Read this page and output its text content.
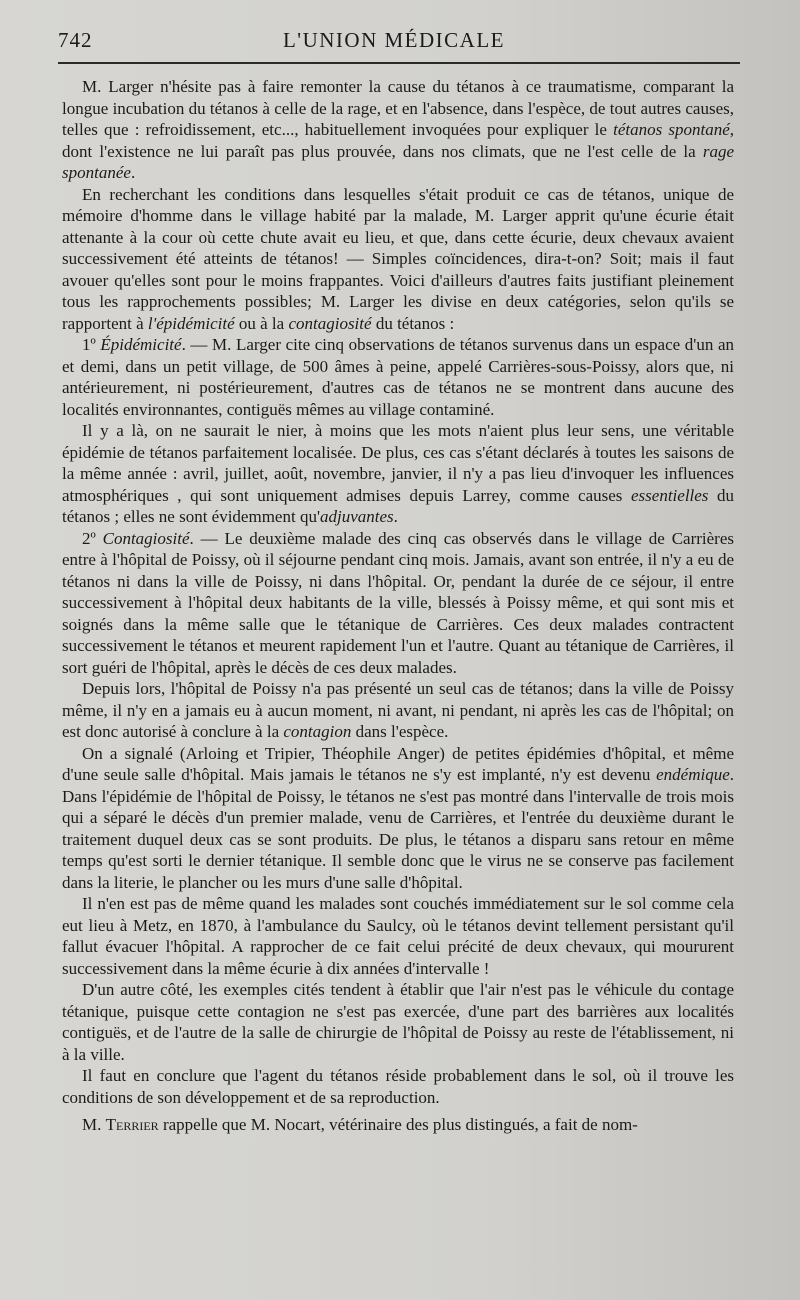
742	L'UNION MÉDICALE

M. Larger n'hésite pas à faire remonter la cause du tétanos à ce traumatisme, comparant la longue incubation du tétanos à celle de la rage, et en l'absence, dans l'espèce, de tout autres causes, telles que : refroidissement, etc..., habituellement invoquées pour expliquer le tétanos spontané, dont l'existence ne lui paraît pas plus prouvée, dans nos climats, que ne l'est celle de la rage spontanée.

En recherchant les conditions dans lesquelles s'était produit ce cas de tétanos, unique de mémoire d'homme dans le village habité par la malade, M. Larger apprit qu'une écurie était attenante à la cour où cette chute avait eu lieu, et que, dans cette écurie, deux chevaux avaient successivement été atteints de tétanos! — Simples coïncidences, dira-t-on? Soit; mais il faut avouer qu'elles sont pour le moins frappantes. Voici d'ailleurs d'autres faits justifiant pleinement tous les rapprochements possibles; M. Larger les divise en deux catégories, selon qu'ils se rapportent à l'épidémicité ou à la contagiosité du tétanos :

1º Épidémicité. — M. Larger cite cinq observations de tétanos survenus dans un espace d'un an et demi, dans un petit village, de 500 âmes à peine, appelé Carrières-sous-Poissy, alors que, ni antérieurement, ni postérieurement, d'autres cas de tétanos ne se montrent dans aucune des localités environnantes, contiguës mêmes au village contaminé.

Il y a là, on ne saurait le nier, à moins que les mots n'aient plus leur sens, une véritable épidémie de tétanos parfaitement localisée. De plus, ces cas s'étant déclarés à toutes les saisons de la même année : avril, juillet, août, novembre, janvier, il n'y a pas lieu d'invoquer les influences atmosphériques , qui sont uniquement admises depuis Larrey, comme causes essentielles du tétanos ; elles ne sont évidemment qu'adjuvantes.

2º Contagiosité. — Le deuxième malade des cinq cas observés dans le village de Carrières entre à l'hôpital de Poissy, où il séjourne pendant cinq mois. Jamais, avant son entrée, il n'y a eu de tétanos ni dans la ville de Poissy, ni dans l'hôpital. Or, pendant la durée de ce séjour, il entre successivement à l'hôpital deux habitants de la ville, blessés à Poissy même, et qui sont mis et soignés dans la même salle que le tétanique de Carrières. Ces deux malades contractent successivement le tétanos et meurent rapidement l'un et l'autre. Quant au tétanique de Carrières, il sort guéri de l'hôpital, après le décès de ces deux malades.

Depuis lors, l'hôpital de Poissy n'a pas présenté un seul cas de tétanos; dans la ville de Poissy même, il n'y en a jamais eu à aucun moment, ni avant, ni pendant, ni après les cas de l'hôpital; on est donc autorisé à conclure à la contagion dans l'espèce.

On a signalé (Arloing et Tripier, Théophile Anger) de petites épidémies d'hôpital, et même d'une seule salle d'hôpital. Mais jamais le tétanos ne s'y est implanté, n'y est devenu endémique. Dans l'épidémie de l'hôpital de Poissy, le tétanos ne s'est pas montré dans l'intervalle de trois mois qui a séparé le décès d'un premier malade, venu de Carrières, et l'entrée du deuxième durant le traitement duquel deux cas se sont produits. De plus, le tétanos a disparu sans retour en même temps qu'est sorti le dernier tétanique. Il semble donc que le virus ne se conserve pas facilement dans la literie, le plancher ou les murs d'une salle d'hôpital.

Il n'en est pas de même quand les malades sont couchés immédiatement sur le sol comme cela eut lieu à Metz, en 1870, à l'ambulance du Saulcy, où le tétanos devint tellement persistant qu'il fallut évacuer l'hôpital. A rapprocher de ce fait celui précité de deux chevaux, qui moururent successivement dans la même écurie à dix années d'intervalle !

D'un autre côté, les exemples cités tendent à établir que l'air n'est pas le véhicule du contage tétanique, puisque cette contagion ne s'est pas exercée, d'une part des barrières aux localités contiguës, et de l'autre de la salle de chirurgie de l'hôpital de Poissy au reste de l'établissement, ni à la ville.

Il faut en conclure que l'agent du tétanos réside probablement dans le sol, où il trouve les conditions de son développement et de sa reproduction.

M. Terrier rappelle que M. Nocart, vétérinaire des plus distingués, a fait de nom-
